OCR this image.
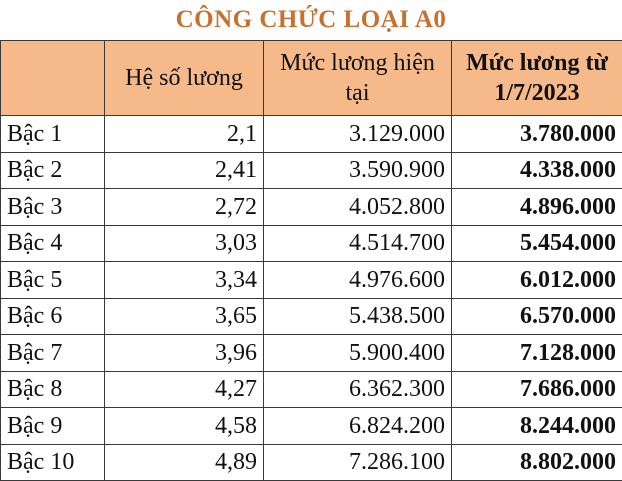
CÔNG CHỨC LOẠI A0
	Hệ số lương	Mức lương hiện tại	Mức lương từ 1/7/2023
Bậc 1	2,1	3.129.000	3.780.000
Bậc 2	2,41	3.590.900	4.338.000
Bậc 3	2,72	4.052.800	4.896.000
Bậc 4	3,03	4.514.700	5.454.000
Bậc 5	3,34	4.976.600	6.012.000
Bậc 6	3,65	5.438.500	6.570.000
Bậc 7	3,96	5.900.400	7.128.000
Bậc 8	4,27	6.362.300	7.686.000
Bậc 9	4,58	6.824.200	8.244.000
Bậc 10	4,89	7.286.100	8.802.000
